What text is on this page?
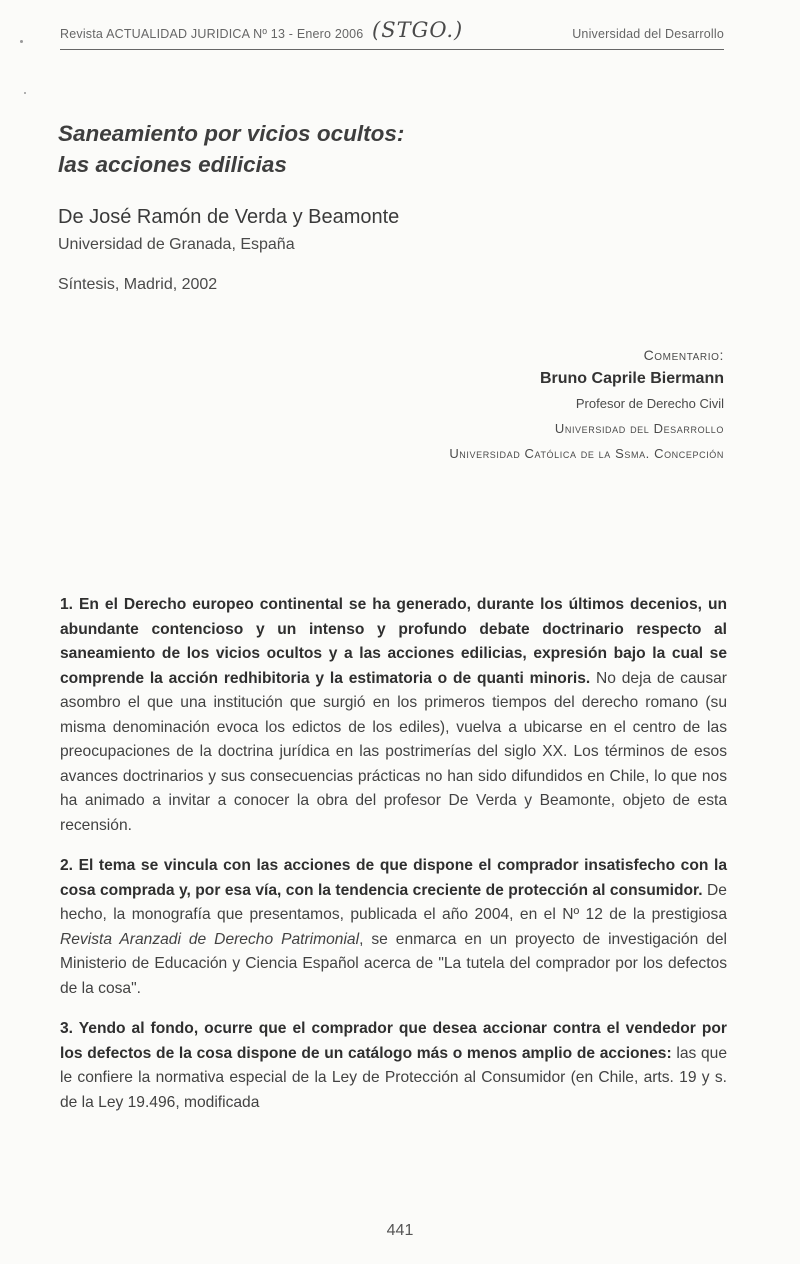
Revista ACTUALIDAD JURIDICA Nº 13 - Enero 2006	Universidad del Desarrollo
(STGO.)
Saneamiento por vicios ocultos:
las acciones edilicias
De José Ramón de Verda y Beamonte
Universidad de Granada, España
Síntesis, Madrid, 2002
Comentario:
Bruno Caprile Biermann
Profesor de Derecho Civil
Universidad del Desarrollo
Universidad Católica de la Ssma. Concepción

1. En el Derecho europeo continental se ha generado, durante los últimos decenios, un abundante contencioso y un intenso y profundo debate doctrinario respecto al saneamiento de los vicios ocultos y a las acciones edilicias, expresión bajo la cual se comprende la acción redhibitoria y la estimatoria o de quanti minoris. No deja de causar asombro el que una institución que surgió en los primeros tiempos del derecho romano (su misma denominación evoca los edictos de los ediles), vuelva a ubicarse en el centro de las preocupaciones de la doctrina jurídica en las postrimerías del siglo XX. Los términos de esos avances doctrinarios y sus consecuencias prácticas no han sido difundidos en Chile, lo que nos ha animado a invitar a conocer la obra del profesor De Verda y Beamonte, objeto de esta recensión.

2. El tema se vincula con las acciones de que dispone el comprador insatisfecho con la cosa comprada y, por esa vía, con la tendencia creciente de protección al consumidor. De hecho, la monografía que presentamos, publicada el año 2004, en el Nº 12 de la prestigiosa Revista Aranzadi de Derecho Patrimonial, se enmarca en un proyecto de investigación del Ministerio de Educación y Ciencia Español acerca de "La tutela del comprador por los defectos de la cosa".

3. Yendo al fondo, ocurre que el comprador que desea accionar contra el vendedor por los defectos de la cosa dispone de un catálogo más o menos amplio de acciones: las que le confiere la normativa especial de la Ley de Protección al Consumidor (en Chile, arts. 19 y s. de la Ley 19.496, modificada

441
